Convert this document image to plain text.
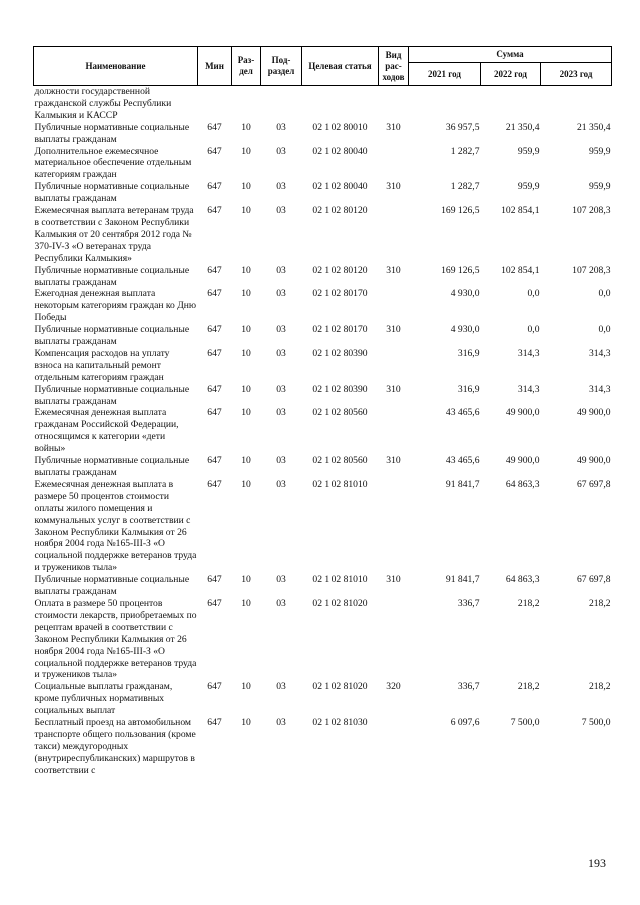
Наименование	Мин	Раз-дел	Под-раздел	Целевая статья	Вид рас-ходов	Сумма		
						2021 год	2022 год	2023 год
должности государственной гражданской службы Республики Калмыкия и КАССР								
Публичные нормативные социальные выплаты гражданам	647	10	03	02 1 02 80010	310	36 957,5	21 350,4	21 350,4
Дополнительное ежемесячное материальное обеспечение отдельным категориям граждан	647	10	03	02 1 02 80040		1 282,7	959,9	959,9
Публичные нормативные социальные выплаты гражданам	647	10	03	02 1 02 80040	310	1 282,7	959,9	959,9
Ежемесячная выплата ветеранам труда в соответствии с Законом Республики Калмыкия от 20 сентября 2012 года № 370-IV-З «О ветеранах труда Республики Калмыкия»	647	10	03	02 1 02 80120		169 126,5	102 854,1	107 208,3
Публичные нормативные социальные выплаты гражданам	647	10	03	02 1 02 80120	310	169 126,5	102 854,1	107 208,3
Ежегодная денежная выплата некоторым категориям граждан ко Дню Победы	647	10	03	02 1 02 80170		4 930,0	0,0	0,0
Публичные нормативные социальные выплаты гражданам	647	10	03	02 1 02 80170	310	4 930,0	0,0	0,0
Компенсация расходов на уплату взноса на капитальный ремонт отдельным категориям граждан	647	10	03	02 1 02 80390		316,9	314,3	314,3
Публичные нормативные социальные выплаты гражданам	647	10	03	02 1 02 80390	310	316,9	314,3	314,3
Ежемесячная денежная выплата гражданам Российской Федерации, относящимся к категории «дети войны»	647	10	03	02 1 02 80560		43 465,6	49 900,0	49 900,0
Публичные нормативные социальные выплаты гражданам	647	10	03	02 1 02 80560	310	43 465,6	49 900,0	49 900,0
Ежемесячная денежная выплата в размере 50 процентов стоимости оплаты жилого помещения и коммунальных услуг в соответствии с Законом Республики Калмыкия от 26 ноября 2004 года №165-III-З «О социальной поддержке ветеранов труда и тружеников тыла»	647	10	03	02 1 02 81010		91 841,7	64 863,3	67 697,8
Публичные нормативные социальные выплаты гражданам	647	10	03	02 1 02 81010	310	91 841,7	64 863,3	67 697,8
Оплата в размере 50 процентов стоимости лекарств, приобретаемых по рецептам врачей в соответствии с Законом Республики Калмыкия от 26 ноября 2004 года №165-III-З «О социальной поддержке ветеранов труда и тружеников тыла»	647	10	03	02 1 02 81020		336,7	218,2	218,2
Социальные выплаты гражданам, кроме публичных нормативных социальных выплат	647	10	03	02 1 02 81020	320	336,7	218,2	218,2
Бесплатный проезд на автомобильном транспорте общего пользования (кроме такси) междугородных (внутриреспубликанских) маршрутов в соответствии с	647	10	03	02 1 02 81030		6 097,6	7 500,0	7 500,0
193
